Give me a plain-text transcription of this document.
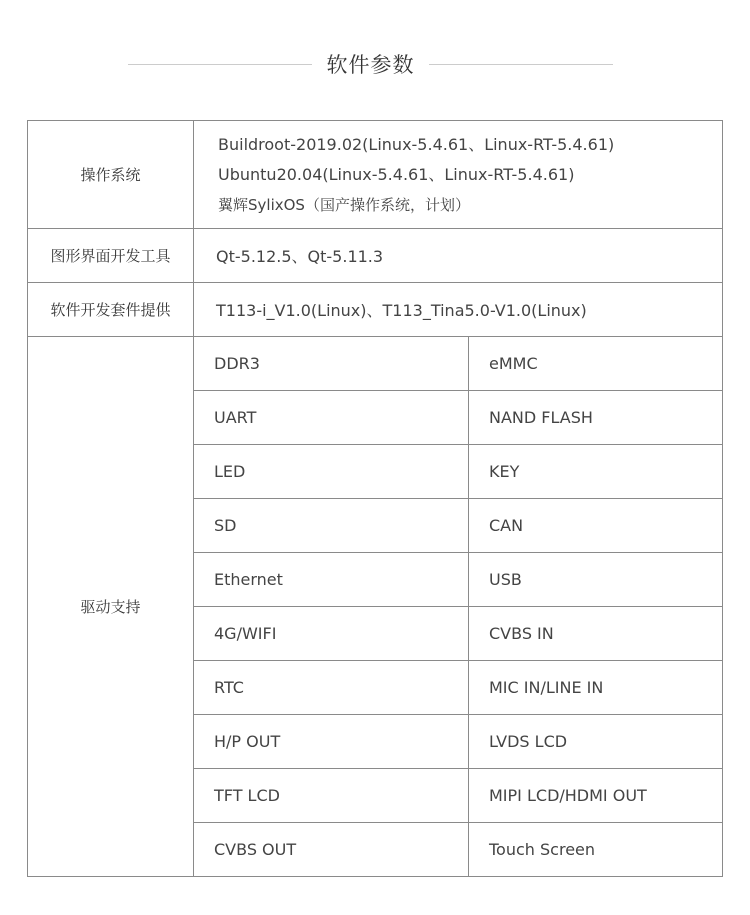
软件参数
操作系统	Buildroot-2019.02(Linux-5.4.61、Linux-RT-5.4.61)
Ubuntu20.04(Linux-5.4.61、Linux-RT-5.4.61)
翼辉SylixOS（国产操作系统，计划）	

图形界面开发工具	Qt-5.12.5、Qt-5.11.3	
软件开发套件提供	T113-i_V1.0(Linux)、T113_Tina5.0-V1.0(Linux)	
驱动支持	DDR3	eMMC
	UART	NAND FLASH
	LED	KEY
	SD	CAN
	Ethernet	USB
	4G/WIFI	CVBS IN
	RTC	MIC IN/LINE IN
	H/P OUT	LVDS LCD
	TFT LCD	MIPI LCD/HDMI OUT
	CVBS OUT	Touch Screen
